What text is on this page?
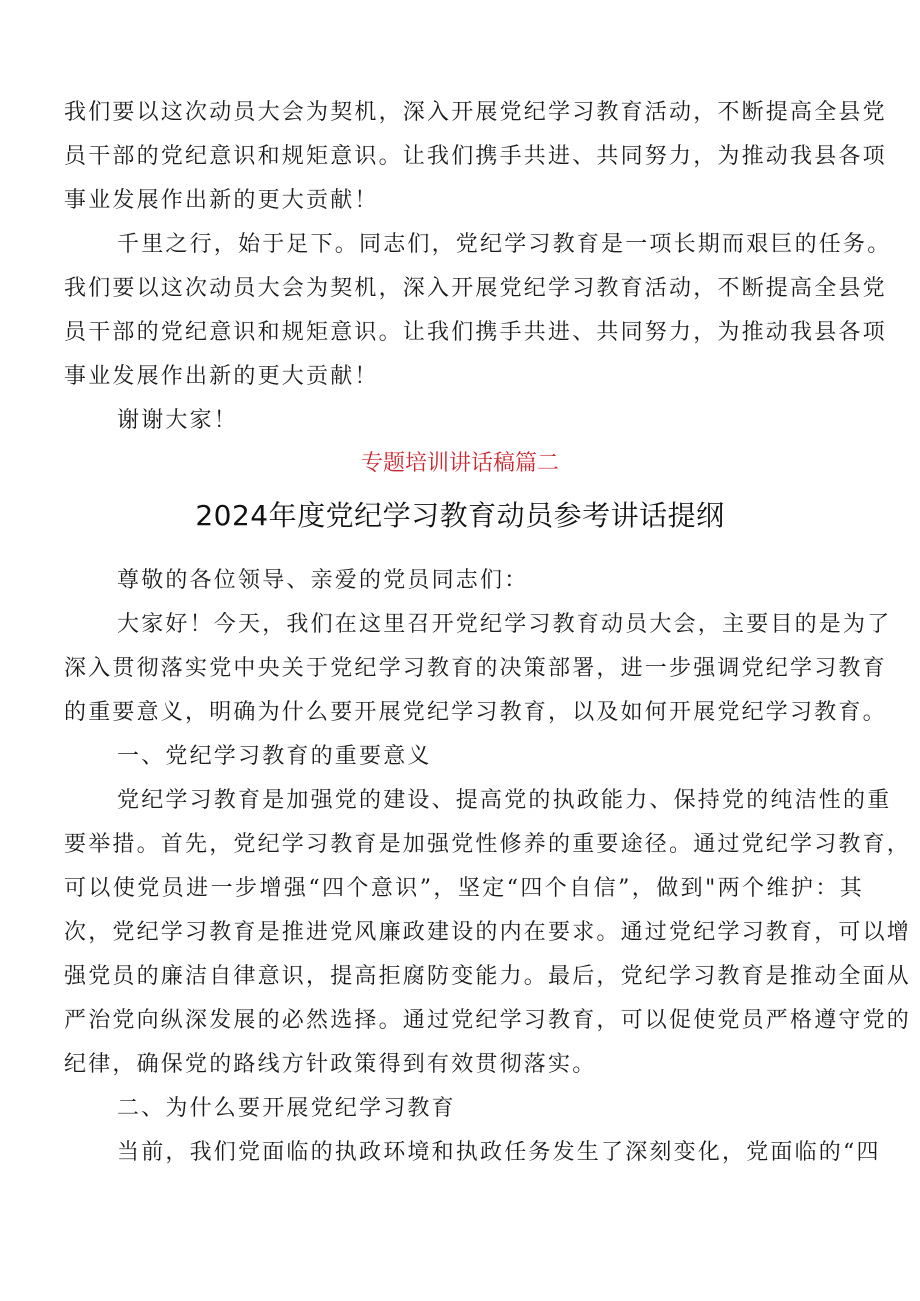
我们要以这次动员大会为契机，深入开展党纪学习教育活动，不断提高全县党
员干部的党纪意识和规矩意识。让我们携手共进、共同努力，为推动我县各项
事业发展作出新的更大贡献！
千里之行，始于足下。同志们，党纪学习教育是一项长期而艰巨的任务。
我们要以这次动员大会为契机，深入开展党纪学习教育活动，不断提高全县党
员干部的党纪意识和规矩意识。让我们携手共进、共同努力，为推动我县各项
事业发展作出新的更大贡献！
谢谢大家！
专题培训讲话稿篇二
2024年度党纪学习教育动员参考讲话提纲
尊敬的各位领导、亲爱的党员同志们：
大家好！今天，我们在这里召开党纪学习教育动员大会，主要目的是为了
深入贯彻落实党中央关于党纪学习教育的决策部署，进一步强调党纪学习教育
的重要意义，明确为什么要开展党纪学习教育，以及如何开展党纪学习教育。
一、党纪学习教育的重要意义
党纪学习教育是加强党的建设、提高党的执政能力、保持党的纯洁性的重
要举措。首先，党纪学习教育是加强党性修养的重要途径。通过党纪学习教育，
可以使党员进一步增强“四个意识”，坚定“四个自信”，做到"两个维护：其
次，党纪学习教育是推进党风廉政建设的内在要求。通过党纪学习教育，可以增
强党员的廉洁自律意识，提高拒腐防变能力。最后，党纪学习教育是推动全面从
严治党向纵深发展的必然选择。通过党纪学习教育，可以促使党员严格遵守党的
纪律，确保党的路线方针政策得到有效贯彻落实。
二、为什么要开展党纪学习教育
当前，我们党面临的执政环境和执政任务发生了深刻变化，党面临的“四
